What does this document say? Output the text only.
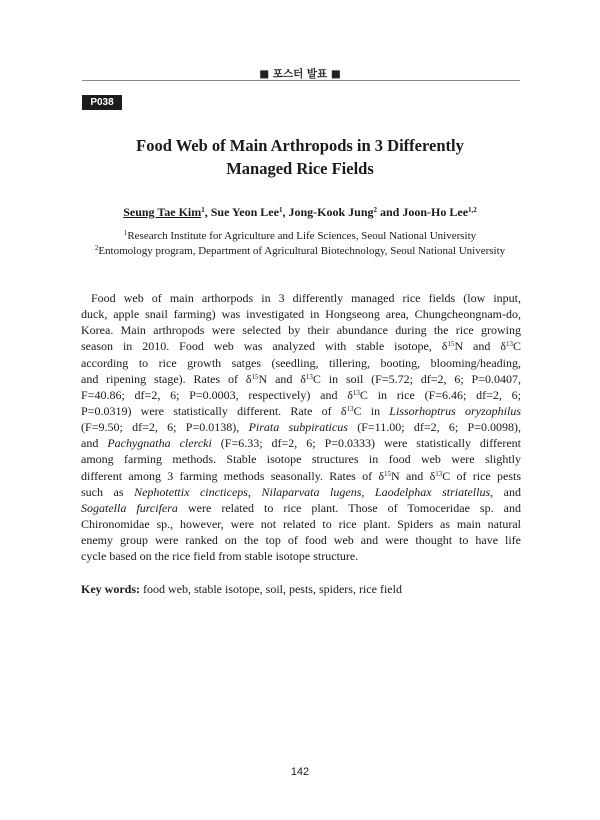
■ 포스터 발표 ■
P038
Food Web of Main Arthropods in 3 Differently
Managed Rice Fields
Seung Tae Kim$^1$, Sue Yeon Lee$^1$, Jong-Kook Jung$^2$ and Joon-Ho Lee$^{1,2}$
$^1$Research Institute for Agriculture and Life Sciences, Seoul National University
$^2$Entomology program, Department of Agricultural Biotechnology, Seoul National University
Food web of main arthorpods in 3 differently managed rice fields (low input,
duck, apple snail farming) was investigated in Hongseong area, Chungcheongnam-do,
Korea. Main arthropods were selected by their abundance during the rice growing
season in 2010. Food web was analyzed with stable isotope, $\delta^{15}N$ and $\delta^{13}C$
according to rice growth satges (seedling, tillering, booting, blooming/heading,
and ripening stage). Rates of $\delta^{15}N$ and $\delta^{13}C$ in soil (F=5.72; df=2, 6; P=0.0407,
F=40.86; df=2, 6; P=0.0003, respectively) and $\delta^{13}C$ in rice (F=6.46; df=2, 6;
P=0.0319) were statistically different. Rate of $\delta^{13}C$ in Lissorhoptrus oryzophilus
(F=9.50; df=2, 6; P=0.0138), Pirata subpiraticus (F=11.00; df=2, 6; P=0.0098),
and Pachygnatha clercki (F=6.33; df=2, 6; P=0.0333) were statistically different
among farming methods. Stable isotope structures in food web were slightly
different among 3 farming methods seasonally. Rates of $\delta^{15}N$ and $\delta^{13}C$ of rice pests
such as Nephotettix cincticeps, Nilaparvata lugens, Laodelphax striatellus, and
Sogatella furcifera were related to rice plant. Those of Tomoceridae sp. and
Chironomidae sp., however, were not related to rice plant. Spiders as main natural
enemy group were ranked on the top of food web and were thought to have life
cycle based on the rice field from stable isotope structure.
Key words: food web, stable isotope, soil, pests, spiders, rice field
142
